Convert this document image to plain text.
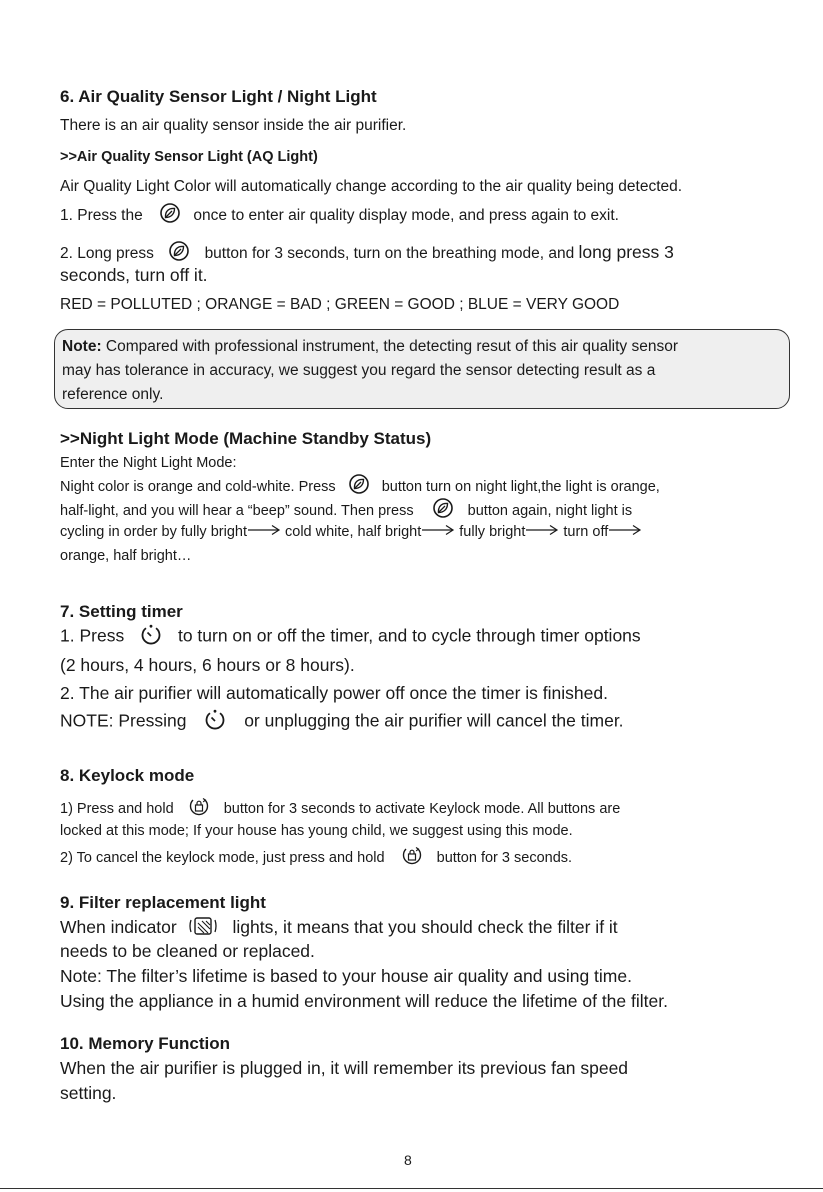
6. Air Quality Sensor Light / Night Light

There is an air quality sensor inside the air purifier.

>>Air Quality Sensor Light (AQ Light)

Air Quality Light Color will automatically change according to the air quality being detected.

1. Press the	once to enter air quality display mode, and press again to exit.

2. Long press	button for 3 seconds, turn on the breathing mode, and long press 3

seconds, turn off it.

RED = POLLUTED ; ORANGE = BAD ; GREEN = GOOD ; BLUE = VERY GOOD

Note: Compared with professional instrument, the detecting resut of this air quality sensor
may has tolerance in accuracy, we suggest you regard the sensor detecting result as a
reference only.

>>Night Light Mode (Machine Standby Status)

Enter the Night Light Mode:

Night color is orange and cold-white. Press	button turn on night light,the light is orange,

half-light, and you will hear a “beep” sound. Then press	button again, night light is

cycling in order by fully bright	cold white, half bright	fully bright	turn off

orange, half bright…

7. Setting timer

1. Press	to turn on or off the timer, and to cycle through timer options

(2 hours, 4 hours, 6 hours or 8 hours).

2. The air purifier will automatically power off once the timer is finished.

NOTE: Pressing	or unplugging the air purifier will cancel the timer.

8. Keylock mode

1) Press and hold	button for 3 seconds to activate Keylock mode. All buttons are

locked at this mode; If your house has young child, we suggest using this mode.

2) To cancel the keylock mode, just press and hold	button for 3 seconds.

9. Filter replacement light

When indicator	lights, it means that you should check the filter if it

needs to be cleaned or replaced.

Note: The filter’s lifetime is based to your house air quality and using time.

Using the appliance in a humid environment will reduce the lifetime of the filter.

10. Memory Function

When the air purifier is plugged in, it will remember its previous fan speed

setting.

8
